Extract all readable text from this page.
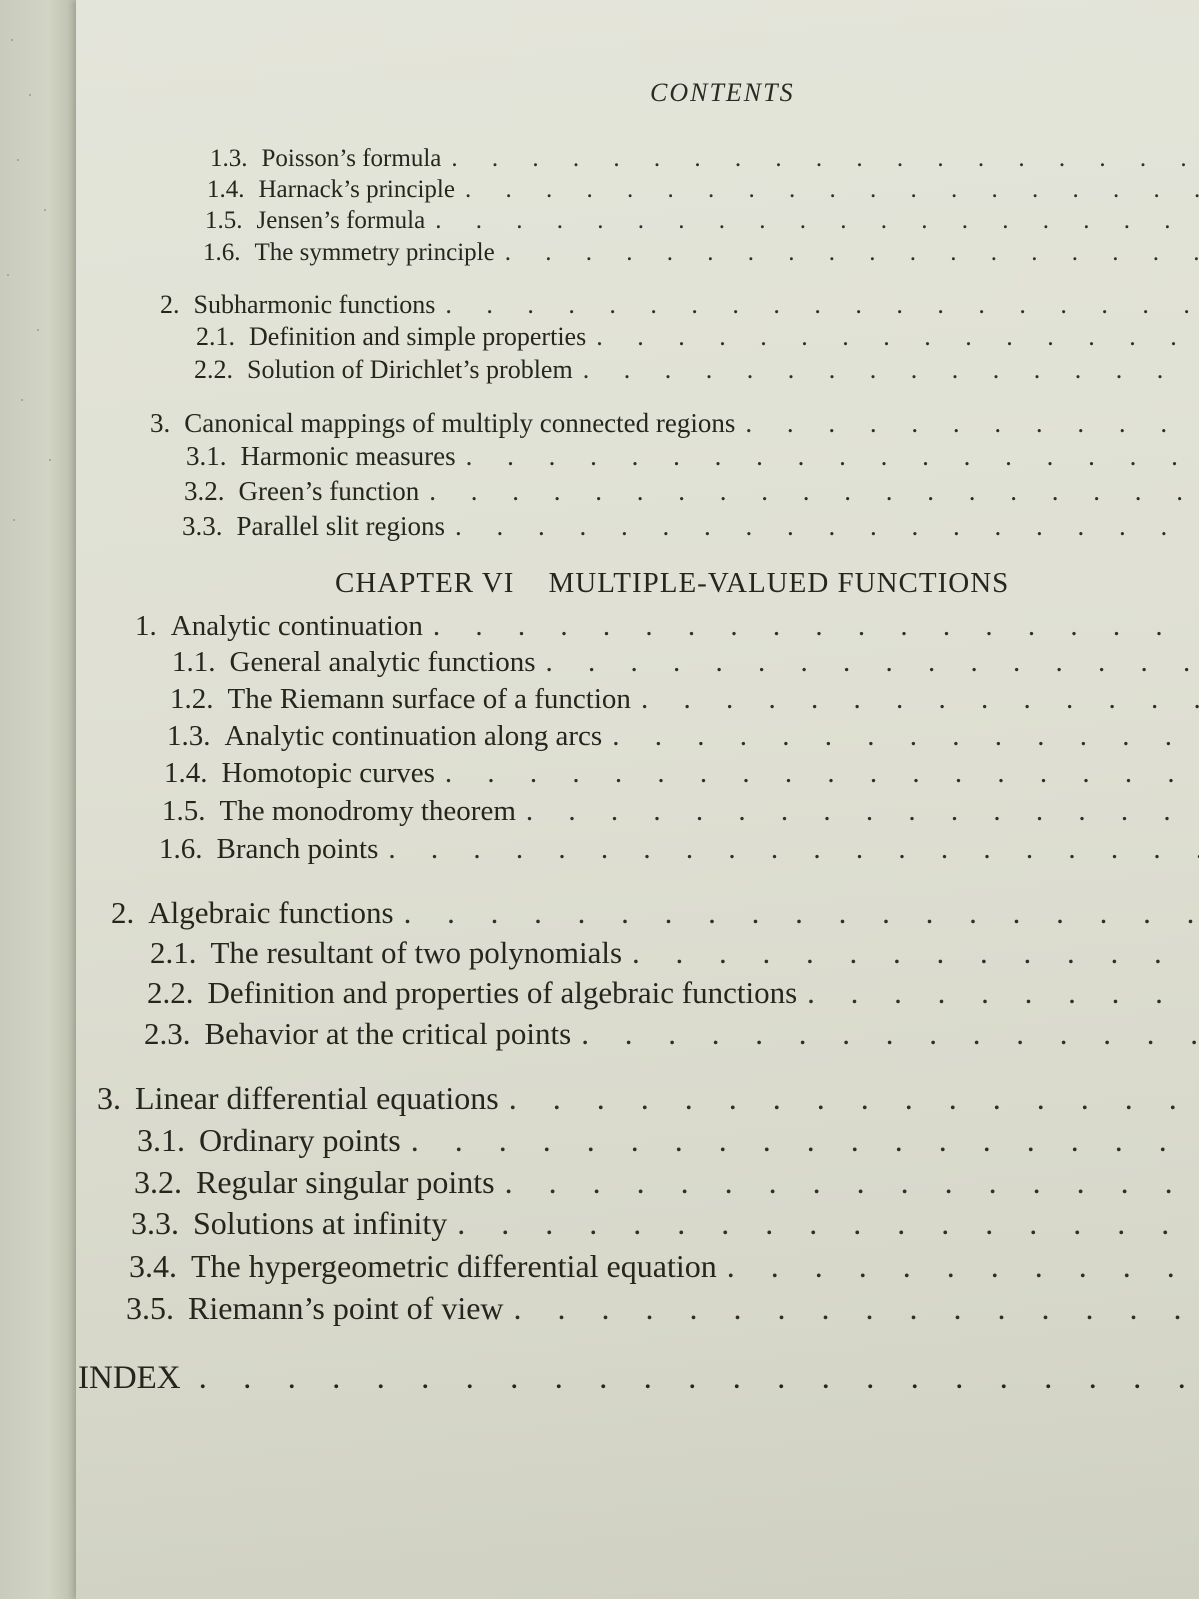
CONTENTS
1.3. Poisson’s formula
. . .
1.4. Harnack’s principle
. . .
1.5. Jensen’s formula
. . .
1.6. The symmetry principle
. . .
2. Subharmonic functions
. . .
2.1. Definition and simple properties
. . .
2.2. Solution of Dirichlet’s problem
. . .
3. Canonical mappings of multiply connected regions
. . .
3.1. Harmonic measures
. . .
3.2. Green’s function
. . .
3.3. Parallel slit regions
. . .
CHAPTER VI MULTIPLE-VALUED FUNCTIONS
1. Analytic continuation
. . .
1.1. General analytic functions
. . .
1.2. The Riemann surface of a function
. . .
1.3. Analytic continuation along arcs
. . .
1.4. Homotopic curves
. . .
1.5. The monodromy theorem
. . .
1.6. Branch points
. . .
2. Algebraic functions
. . .
2.1. The resultant of two polynomials
. . .
2.2. Definition and properties of algebraic functions
. . .
2.3. Behavior at the critical points
. . .
3. Linear differential equations
. . .
3.1. Ordinary points
. . .
3.2. Regular singular points
. . .
3.3. Solutions at infinity
. . .
3.4. The hypergeometric differential equation
. . .
3.5. Riemann’s point of view
. . .
INDEX
. . .
